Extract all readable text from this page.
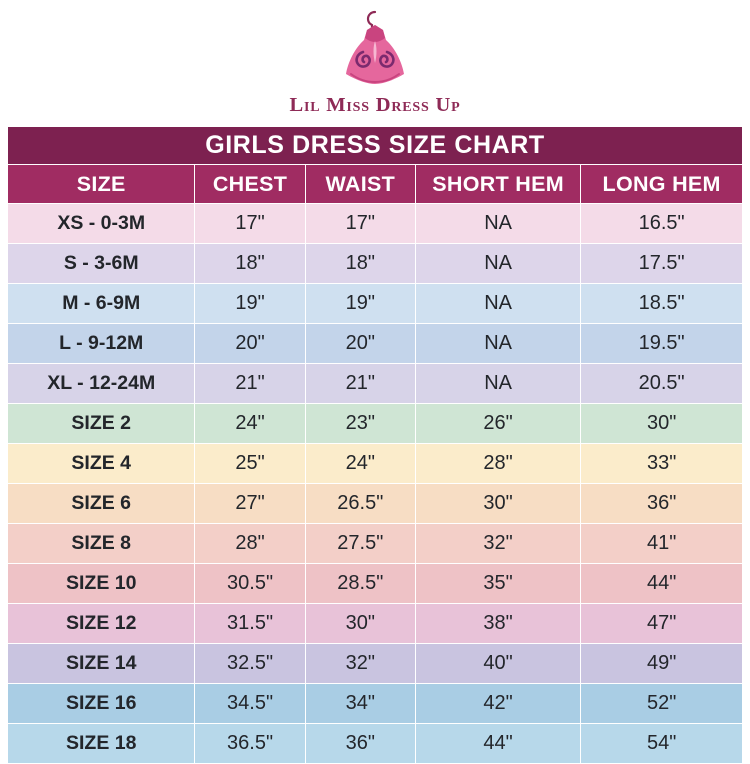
Lil Miss Dress Up
GIRLS DRESS SIZE CHART				
SIZE	CHEST	WAIST	SHORT HEM	LONG HEM
XS - 0-3M	17"	17"	NA	16.5"
S - 3-6M	18"	18"	NA	17.5"
M - 6-9M	19"	19"	NA	18.5"
L - 9-12M	20"	20"	NA	19.5"
XL - 12-24M	21"	21"	NA	20.5"
SIZE 2	24"	23"	26"	30"
SIZE 4	25"	24"	28"	33"
SIZE 6	27"	26.5"	30"	36"
SIZE 8	28"	27.5"	32"	41"
SIZE 10	30.5"	28.5"	35"	44"
SIZE 12	31.5"	30"	38"	47"
SIZE 14	32.5"	32"	40"	49"
SIZE 16	34.5"	34"	42"	52"
SIZE 18	36.5"	36"	44"	54"
